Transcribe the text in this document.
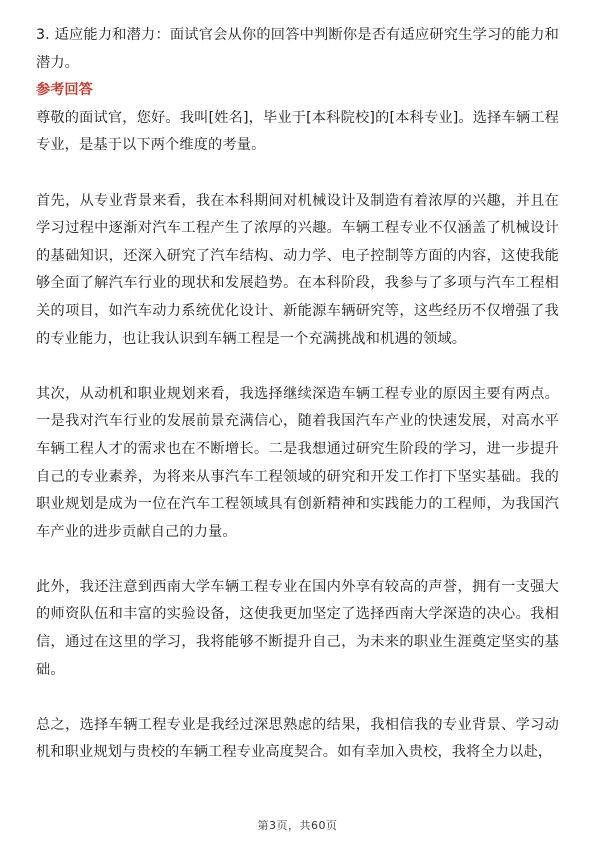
3. 适应能力和潜力：面试官会从你的回答中判断你是否有适应研究生学习的能力和潜力。

参考回答

尊敬的面试官，您好。我叫[姓名]，毕业于[本科院校]的[本科专业]。选择车辆工程专业，是基于以下两个维度的考量。

首先，从专业背景来看，我在本科期间对机械设计及制造有着浓厚的兴趣，并且在学习过程中逐渐对汽车工程产生了浓厚的兴趣。车辆工程专业不仅涵盖了机械设计的基础知识，还深入研究了汽车结构、动力学、电子控制等方面的内容，这使我能够全面了解汽车行业的现状和发展趋势。在本科阶段，我参与了多项与汽车工程相关的项目，如汽车动力系统优化设计、新能源车辆研究等，这些经历不仅增强了我的专业能力，也让我认识到车辆工程是一个充满挑战和机遇的领域。

其次，从动机和职业规划来看，我选择继续深造车辆工程专业的原因主要有两点。一是我对汽车行业的发展前景充满信心，随着我国汽车产业的快速发展，对高水平车辆工程人才的需求也在不断增长。二是我想通过研究生阶段的学习，进一步提升自己的专业素养，为将来从事汽车工程领域的研究和开发工作打下坚实基础。我的职业规划是成为一位在汽车工程领域具有创新精神和实践能力的工程师，为我国汽车产业的进步贡献自己的力量。

此外，我还注意到西南大学车辆工程专业在国内外享有较高的声誉，拥有一支强大的师资队伍和丰富的实验设备，这使我更加坚定了选择西南大学深造的决心。我相信，通过在这里的学习，我将能够不断提升自己，为未来的职业生涯奠定坚实的基础。

总之，选择车辆工程专业是我经过深思熟虑的结果，我相信我的专业背景、学习动机和职业规划与贵校的车辆工程专业高度契合。如有幸加入贵校，我将全力以赴，

第3页，共60页
